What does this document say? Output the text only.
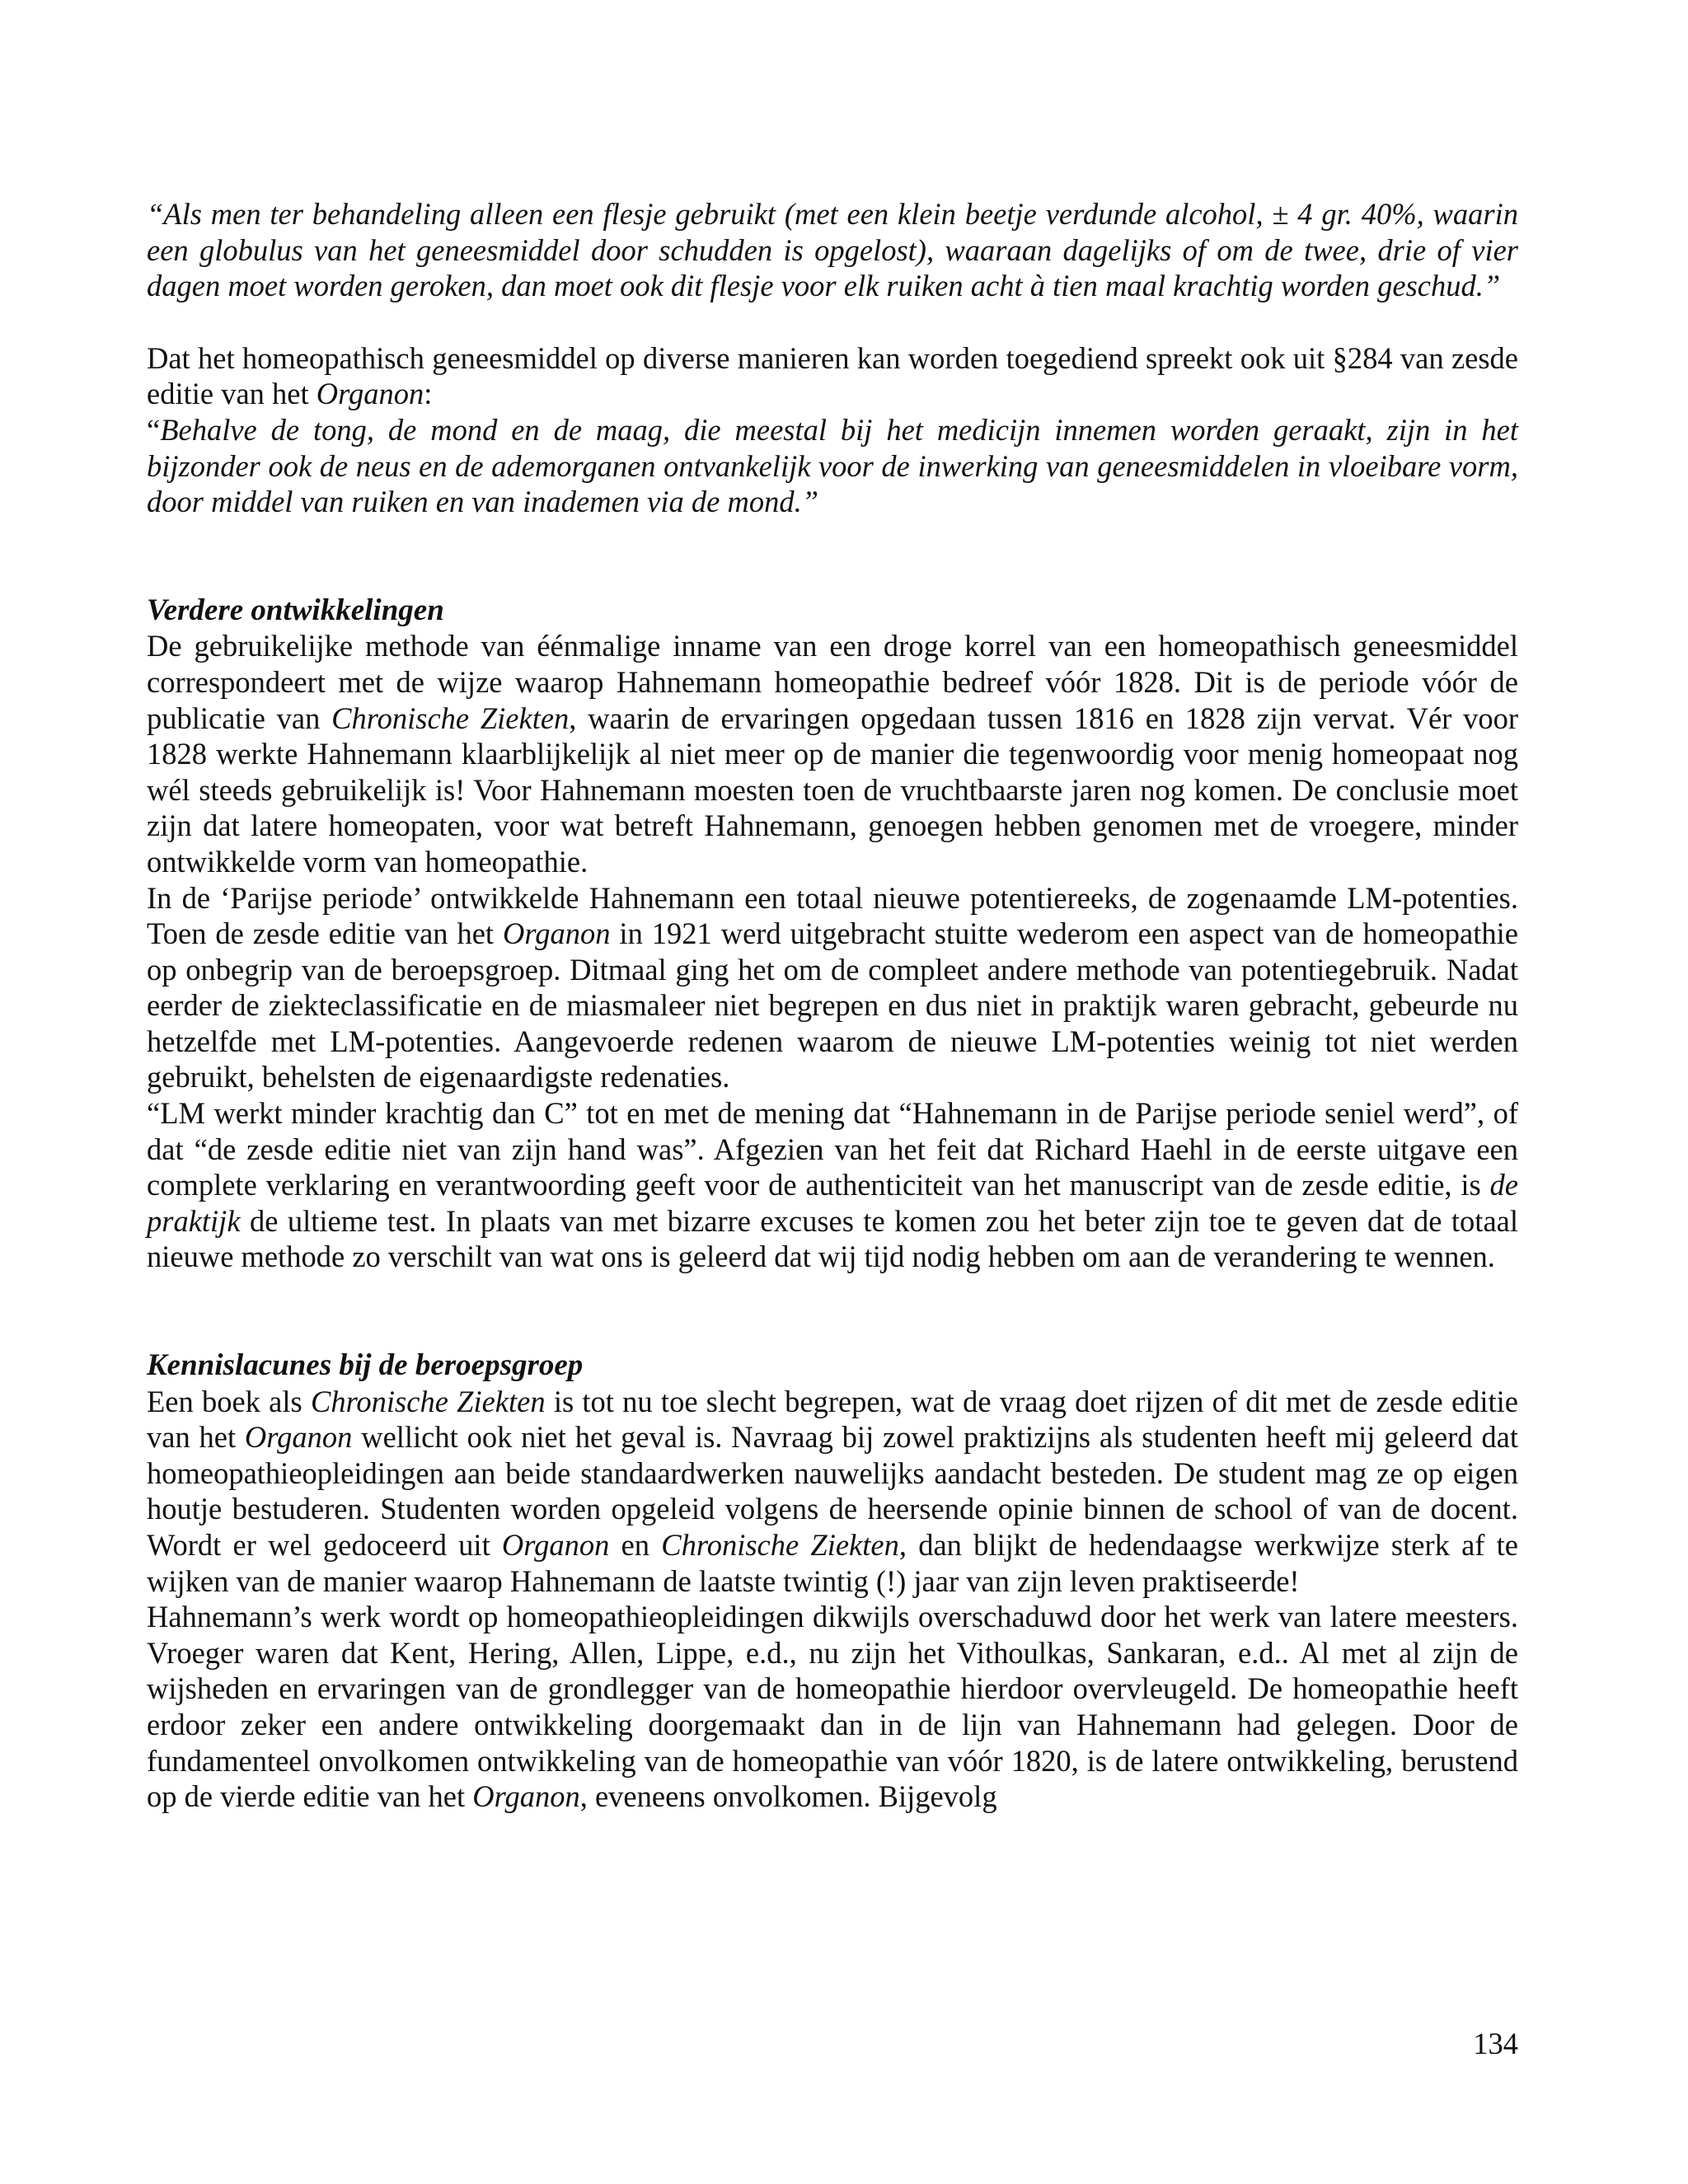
“Als men ter behandeling alleen een flesje gebruikt (met een klein beetje verdunde alcohol, ± 4 gr. 40%, waarin een globulus van het geneesmiddel door schudden is opgelost), waaraan dagelijks of om de twee, drie of vier dagen moet worden geroken, dan moet ook dit flesje voor elk ruiken acht à tien maal krachtig worden geschud.”

Dat het homeopathisch geneesmiddel op diverse manieren kan worden toegediend spreekt ook uit §284 van zesde editie van het Organon:

“Behalve de tong, de mond en de maag, die meestal bij het medicijn innemen worden geraakt, zijn in het bijzonder ook de neus en de ademorganen ontvankelijk voor de inwerking van geneesmiddelen in vloeibare vorm, door middel van ruiken en van inademen via de mond.”

Verdere ontwikkelingen

De gebruikelijke methode van éénmalige inname van een droge korrel van een homeopathisch geneesmiddel correspondeert met de wijze waarop Hahnemann homeopathie bedreef vóór 1828. Dit is de periode vóór de publicatie van Chronische Ziekten, waarin de ervaringen opgedaan tussen 1816 en 1828 zijn vervat. Vér voor 1828 werkte Hahnemann klaarblijkelijk al niet meer op de manier die tegenwoordig voor menig homeopaat nog wél steeds gebruikelijk is! Voor Hahnemann moesten toen de vruchtbaarste jaren nog komen. De conclusie moet zijn dat latere homeopaten, voor wat betreft Hahnemann, genoegen hebben genomen met de vroegere, minder ontwikkelde vorm van homeopathie.

In de ‘Parijse periode’ ontwikkelde Hahnemann een totaal nieuwe potentiereeks, de zogenaamde LM-potenties. Toen de zesde editie van het Organon in 1921 werd uitgebracht stuitte wederom een aspect van de homeopathie op onbegrip van de beroepsgroep. Ditmaal ging het om de compleet andere methode van potentiegebruik. Nadat eerder de ziekteclassificatie en de miasmaleer niet begrepen en dus niet in praktijk waren gebracht, gebeurde nu hetzelfde met LM-potenties. Aangevoerde redenen waarom de nieuwe LM-potenties weinig tot niet werden gebruikt, behelsten de eigenaardigste redenaties.

“LM werkt minder krachtig dan C” tot en met de mening dat “Hahnemann in de Parijse periode seniel werd”, of dat “de zesde editie niet van zijn hand was”. Afgezien van het feit dat Richard Haehl in de eerste uitgave een complete verklaring en verantwoording geeft voor de authenticiteit van het manuscript van de zesde editie, is de praktijk de ultieme test. In plaats van met bizarre excuses te komen zou het beter zijn toe te geven dat de totaal nieuwe methode zo verschilt van wat ons is geleerd dat wij tijd nodig hebben om aan de verandering te wennen.

Kennislacunes bij de beroepsgroep

Een boek als Chronische Ziekten is tot nu toe slecht begrepen, wat de vraag doet rijzen of dit met de zesde editie van het Organon wellicht ook niet het geval is. Navraag bij zowel praktizijns als studenten heeft mij geleerd dat homeopathieopleidingen aan beide standaardwerken nauwelijks aandacht besteden. De student mag ze op eigen houtje bestuderen. Studenten worden opgeleid volgens de heersende opinie binnen de school of van de docent. Wordt er wel gedoceerd uit Organon en Chronische Ziekten, dan blijkt de hedendaagse werkwijze sterk af te wijken van de manier waarop Hahnemann de laatste twintig (!) jaar van zijn leven praktiseerde!

Hahnemann’s werk wordt op homeopathieopleidingen dikwijls overschaduwd door het werk van latere meesters. Vroeger waren dat Kent, Hering, Allen, Lippe, e.d., nu zijn het Vithoulkas, Sankaran, e.d.. Al met al zijn de wijsheden en ervaringen van de grondlegger van de homeopathie hierdoor overvleugeld. De homeopathie heeft erdoor zeker een andere ontwikkeling doorgemaakt dan in de lijn van Hahnemann had gelegen. Door de fundamenteel onvolkomen ontwikkeling van de homeopathie van vóór 1820, is de latere ontwikkeling, berustend op de vierde editie van het Organon, eveneens onvolkomen. Bijgevolg

134
